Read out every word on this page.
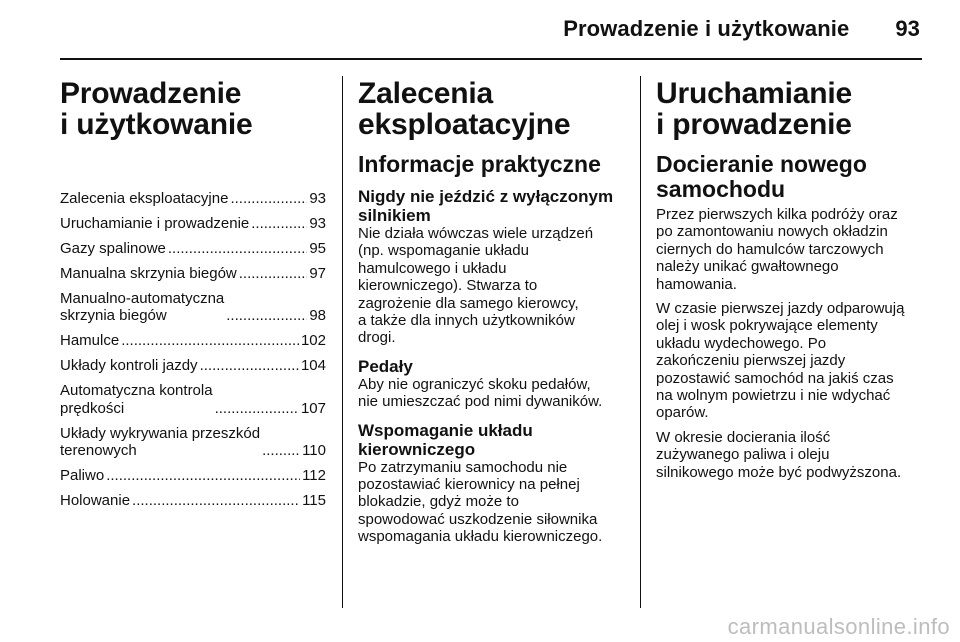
Prowadzenie i użytkowanie 93
Prowadzenie
i użytkowanie
Zalecenia eksploatacyjne .....	93
Uruchamianie i prowadzenie .....	93
Gazy spalinowe .....	95
Manualna skrzynia biegów .....	97
Manualno-automatyczna
skrzynia biegów .....	98
Hamulce .....	102
Układy kontroli jazdy .....	104
Automatyczna kontrola
prędkości .....	107
Układy wykrywania przeszkód
terenowych .....	110
Paliwo .....	112
Holowanie .....	115
Zalecenia
eksploatacyjne
Informacje praktyczne
Nigdy nie jeździć z wyłączonym silnikiem

Nie działa wówczas wiele urządzeń
(np. wspomaganie układu
hamulcowego i układu
kierowniczego). Stwarza to
zagrożenie dla samego kierowcy,
a także dla innych użytkowników
drogi.

Pedały

Aby nie ograniczyć skoku pedałów,
nie umieszczać pod nimi dywaników.

Wspomaganie układu
kierowniczego

Po zatrzymaniu samochodu nie
pozostawiać kierownicy na pełnej
blokadzie, gdyż może to
spowodować uszkodzenie siłownika
wspomagania układu kierowniczego.

Uruchamianie
i prowadzenie
Docieranie nowego
samochodu

Przez pierwszych kilka podróży oraz
po zamontowaniu nowych okładzin
ciernych do hamulców tarczowych
należy unikać gwałtownego
hamowania.

W czasie pierwszej jazdy odparowują
olej i wosk pokrywające elementy
układu wydechowego. Po
zakończeniu pierwszej jazdy
pozostawić samochód na jakiś czas
na wolnym powietrzu i nie wdychać
oparów.

W okresie docierania ilość
zużywanego paliwa i oleju
silnikowego może być podwyższona.

carmanualsonline.info
